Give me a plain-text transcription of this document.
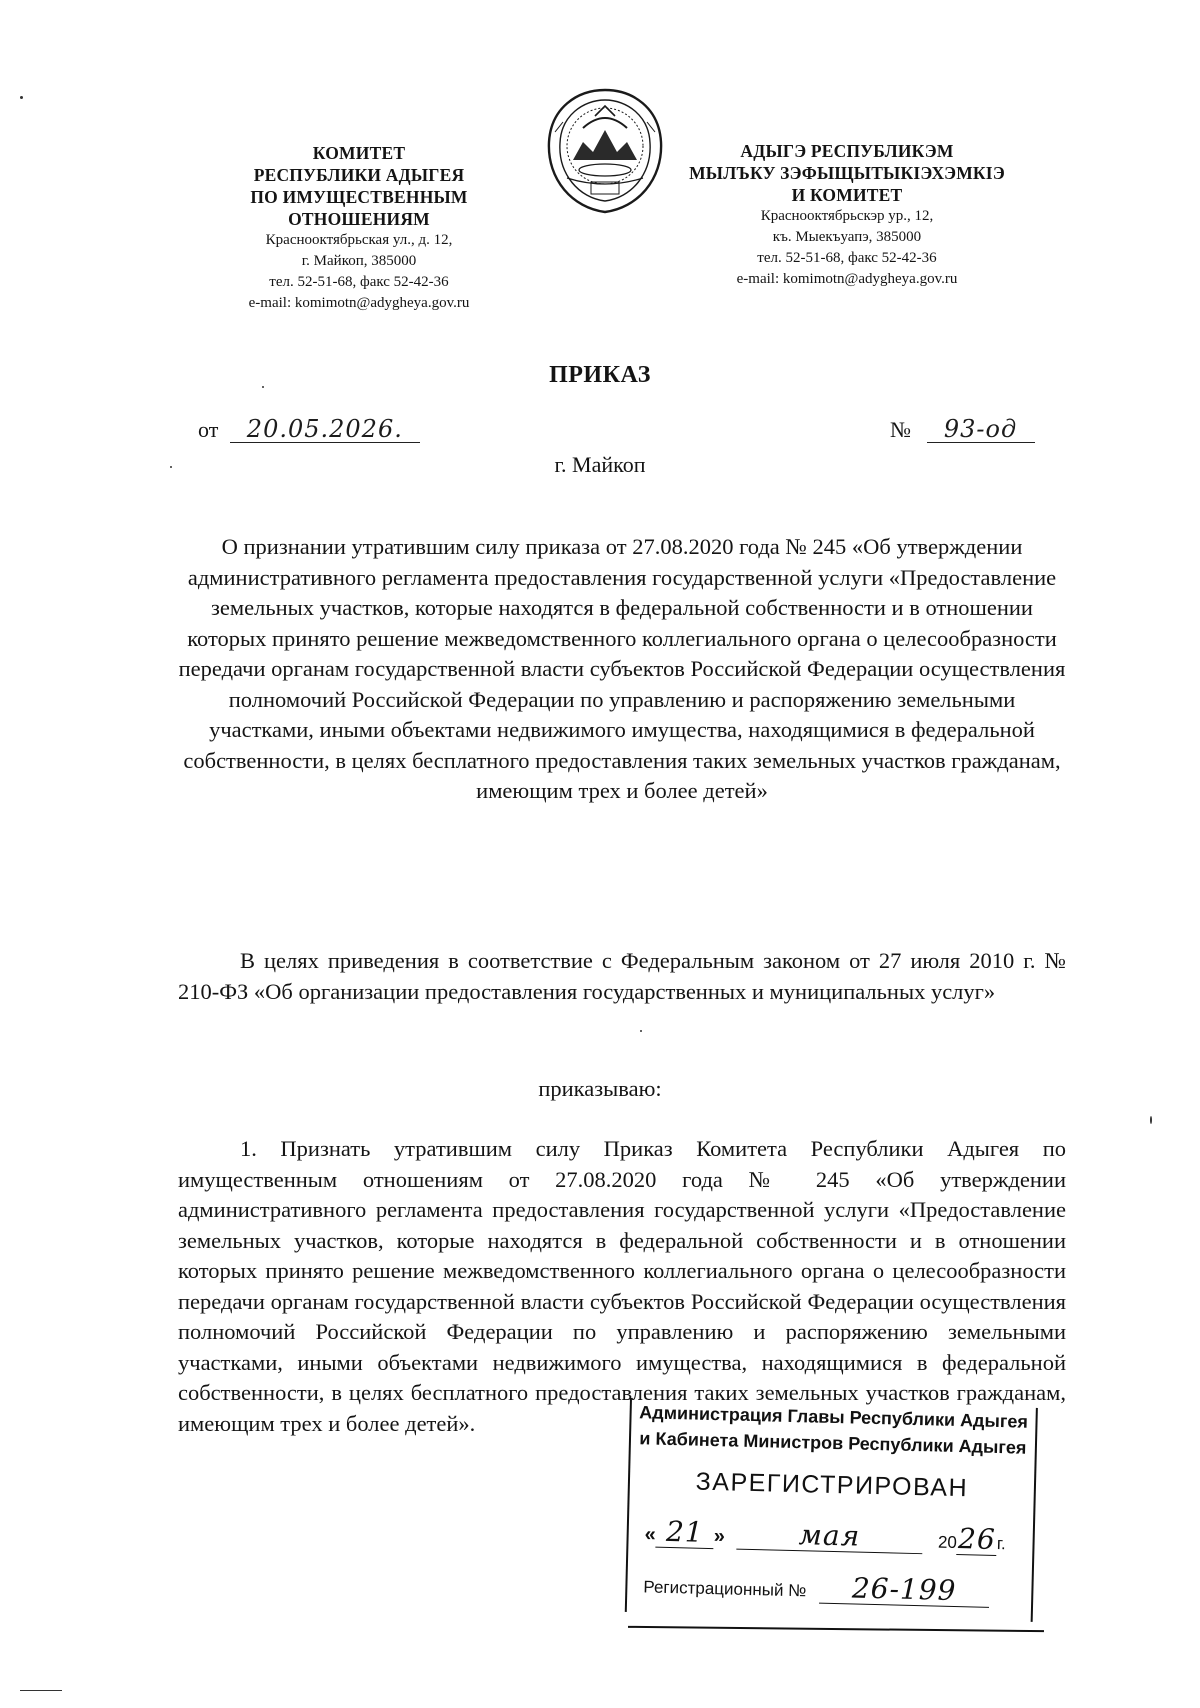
КОМИТЕТ
РЕСПУБЛИКИ АДЫГЕЯ
ПО ИМУЩЕСТВЕННЫМ ОТНОШЕНИЯМ
Краснооктябрьская ул., д. 12,
г. Майкоп, 385000
тел. 52-51-68, факс 52-42-36
e-mail: komimotn@adygheya.gov.ru
АДЫГЭ РЕСПУБЛИКЭМ
МЫЛЪКУ ЗЭФЫЩЫТЫКIЭХЭМКIЭ
И КОМИТЕТ
Краснооктябрьскэр ур., 12,
къ. Мыекъуапэ, 385000
тел. 52-51-68, факс 52-42-36
e-mail: komimotn@adygheya.gov.ru
ПРИКАЗ
от 20.05.2026.	№ 93-од
г. Майкоп
О признании утратившим силу приказа от 27.08.2020 года № 245 «Об утверждении административного регламента предоставления государственной услуги «Предоставление земельных участков, которые находятся в федеральной собственности и в отношении которых принято решение межведомственного коллегиального органа о целесообразности передачи органам государственной власти субъектов Российской Федерации осуществления полномочий Российской Федерации по управлению и распоряжению земельными участками, иными объектами недвижимого имущества, находящимися в федеральной собственности, в целях бесплатного предоставления таких земельных участков гражданам, имеющим трех и более детей»
В целях приведения в соответствие с Федеральным законом от 27 июля 2010 г. № 210-ФЗ «Об организации предоставления государственных и муниципальных услуг»
приказываю:
1. Признать утратившим силу Приказ Комитета Республики Адыгея по имущественным отношениям от 27.08.2020 года № 245 «Об утверждении административного регламента предоставления государственной услуги «Предоставление земельных участков, которые находятся в федеральной собственности и в отношении которых принято решение межведомственного коллегиального органа о целесообразности передачи органам государственной власти субъектов Российской Федерации осуществления полномочий Российской Федерации по управлению и распоряжению земельными участками, иными объектами недвижимого имущества, находящимися в федеральной собственности, в целях бесплатного предоставления таких земельных участков гражданам, имеющим трех и более детей».	Администрация Главы Республики Адыгея
и Кабинета Министров Республики Адыгея
ЗАРЕГИСТРИРОВАН
« 21 »	мая	2026г.
Регистрационный № 26-199
